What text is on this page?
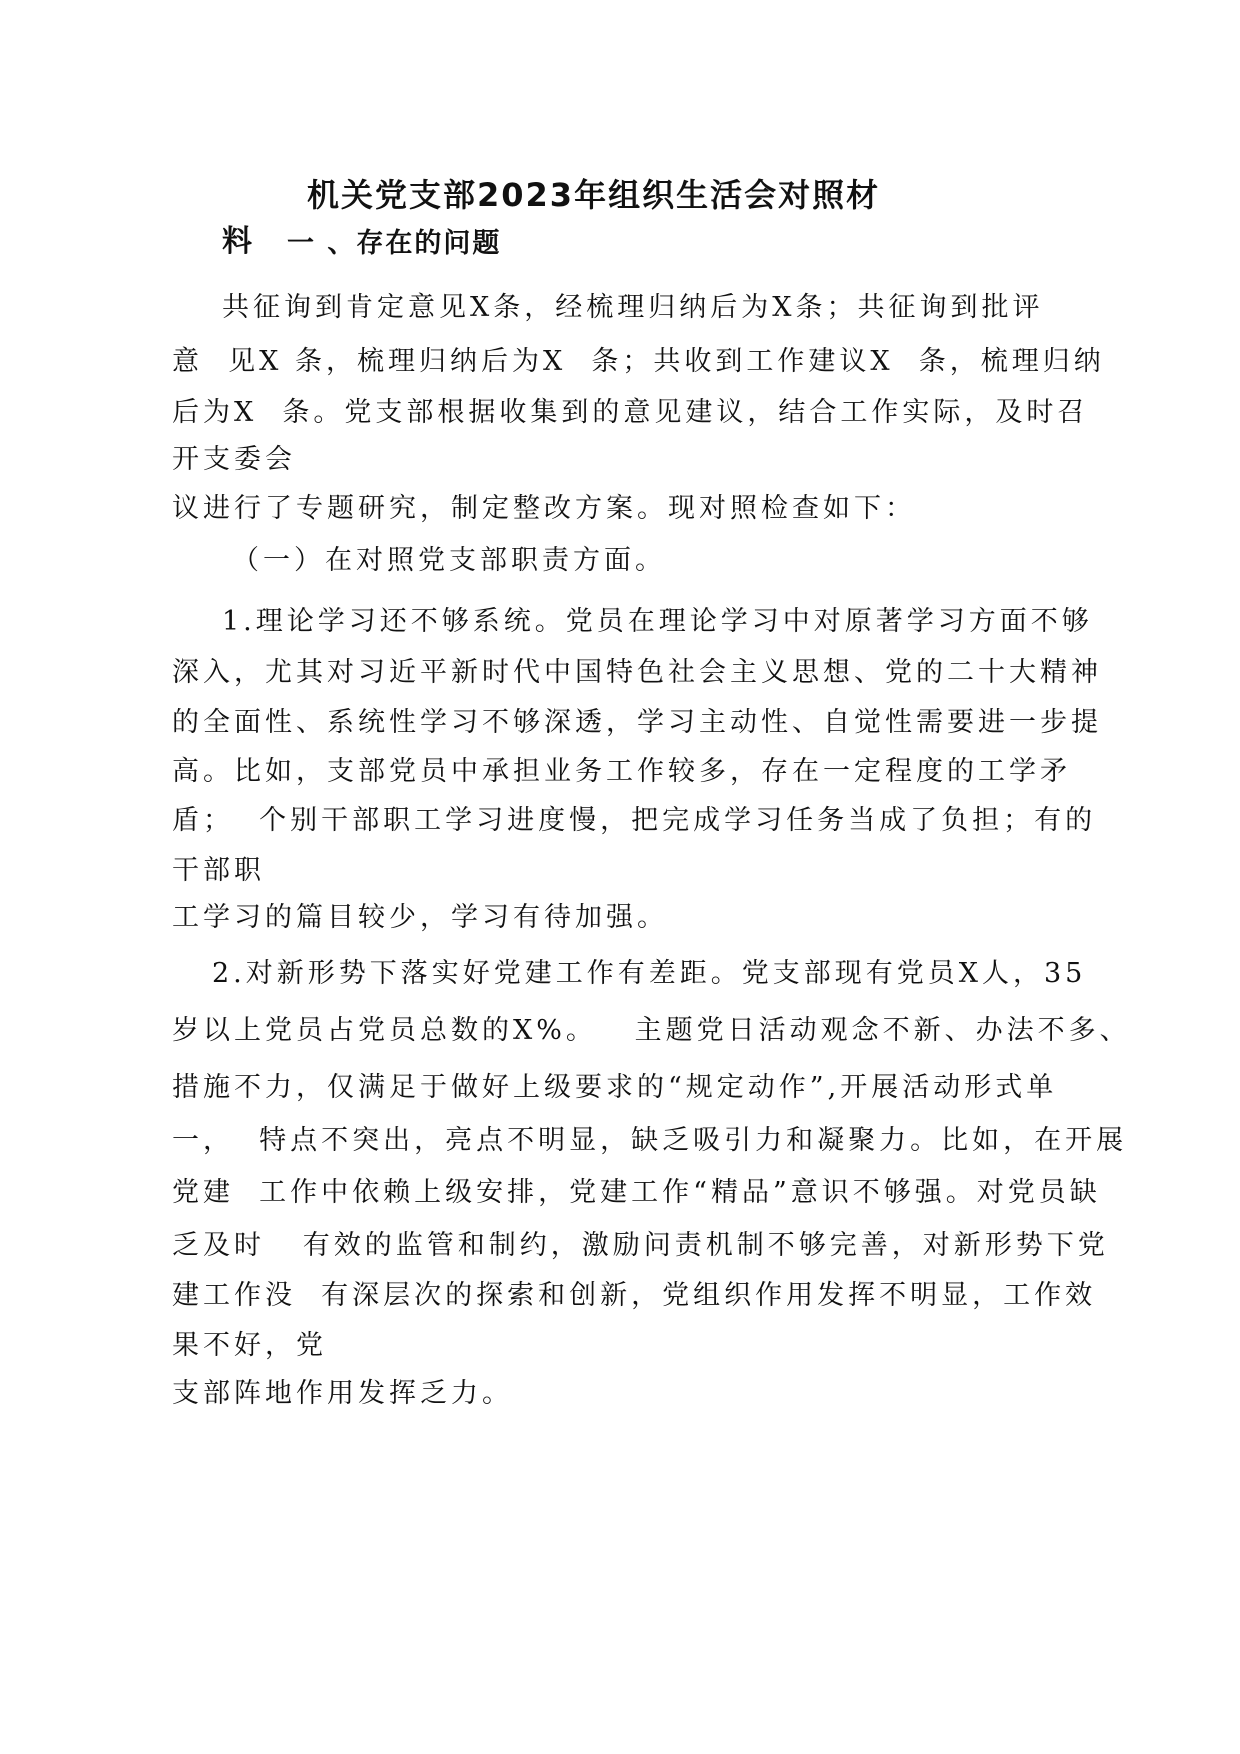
机关党支部2023年组织生活会对照材
料 一 、存在的问题
共征询到肯定意见X条，经梳理归纳后为X条；共征询到批评
意  见X 条，梳理归纳后为X  条；共收到工作建议X  条，梳理归纳
后为X  条。党支部根据收集到的意见建议，结合工作实际，及时召
开支委会
议进行了专题研究，制定整改方案。现对照检查如下：
（一）在对照党支部职责方面。
1.理论学习还不够系统。党员在理论学习中对原著学习方面不够
深入，尤其对习近平新时代中国特色社会主义思想、党的二十大精神
的全面性、系统性学习不够深透，学习主动性、自觉性需要进一步提
高。比如，支部党员中承担业务工作较多，存在一定程度的工学矛
盾；  个别干部职工学习进度慢，把完成学习任务当成了负担；有的
干部职
工学习的篇目较少，学习有待加强。
2.对新形势下落实好党建工作有差距。党支部现有党员X人，35
岁以上党员占党员总数的X%。   主题党日活动观念不新、办法不多、
措施不力，仅满足于做好上级要求的“规定动作”,开展活动形式单
一，  特点不突出，亮点不明显，缺乏吸引力和凝聚力。比如，在开展
党建  工作中依赖上级安排，党建工作“精品”意识不够强。对党员缺
乏及时   有效的监管和制约，激励问责机制不够完善，对新形势下党
建工作没  有深层次的探索和创新，党组织作用发挥不明显，工作效
果不好，党
支部阵地作用发挥乏力。
